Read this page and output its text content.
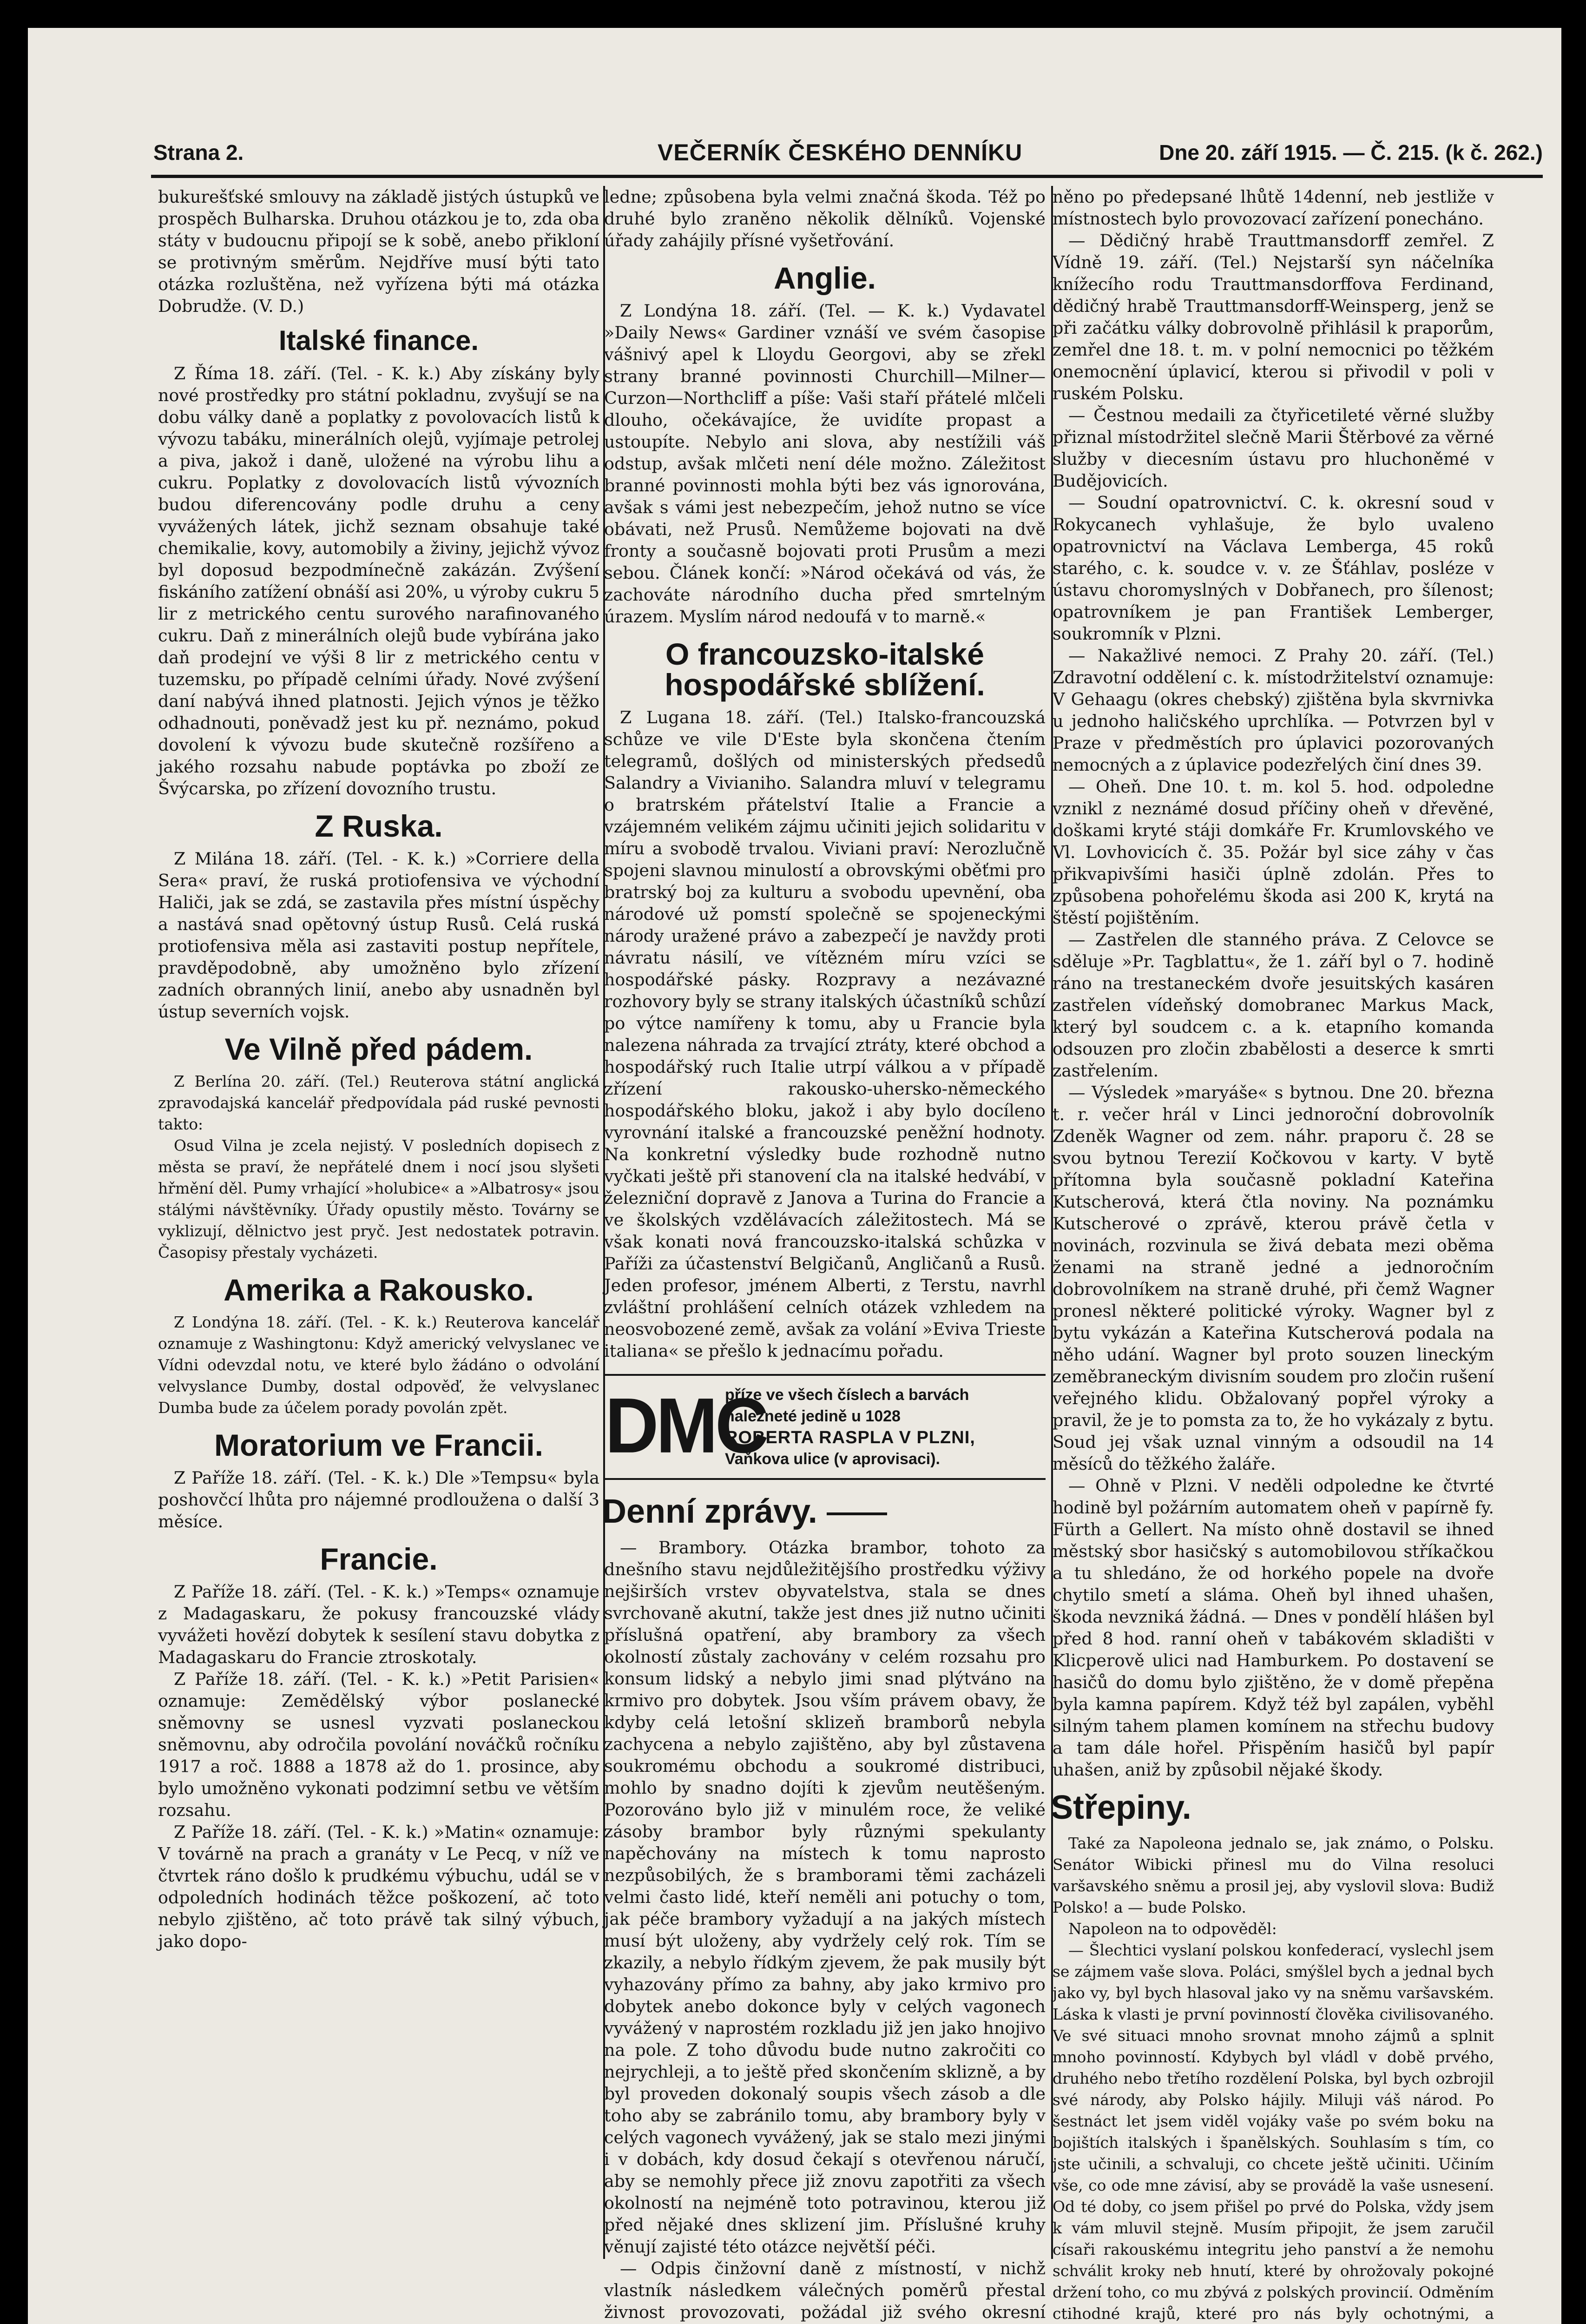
Strana 2.	VEČERNÍK ČESKÉHO DENNÍKU	Dne 20. září 1915. — Č. 215. (k č. 262.)

bukurešťské smlouvy na základě jistých ústupků ve prospěch Bulharska. Druhou otázkou je to, zda oba státy v budoucnu připojí se k sobě, anebo přikloní se protivným směrům. Nejdříve musí býti tato otázka rozluštěna, než vyřízena býti má otázka Dobrudže. (V. D.)

Italské finance.

Z Říma 18. září. (Tel. - K. k.) Aby získány byly nové prostředky pro státní pokladnu, zvyšují se na dobu války daně a poplatky z povolovacích listů k vývozu tabáku, minerálních olejů, vyjímaje petrolej a piva, jakož i daně, uložené na výrobu lihu a cukru. Poplatky z dovolovacích listů vývozních budou diferencovány podle druhu a ceny vyvážených látek, jichž seznam obsahuje také chemikalie, kovy, automobily a živiny, jejichž vývoz byl doposud bezpodmínečně zakázán. Zvýšení fiskáního zatížení obnáší asi 20%, u výroby cukru 5 lir z metrického centu surového narafinovaného cukru. Daň z minerálních olejů bude vybírána jako daň prodejní ve výši 8 lir z metrického centu v tuzemsku, po případě celními úřady. Nové zvýšení daní nabývá ihned platnosti. Jejich výnos je těžko odhadnouti, poněvadž jest ku př. neznámo, pokud dovolení k vývozu bude skutečně rozšířeno a jakého rozsahu nabude poptávka po zboží ze Švýcarska, po zřízení dovozního trustu.

Z Ruska.

Z Milána 18. září. (Tel. - K. k.) »Corriere della Sera« praví, že ruská protiofensiva ve východní Haliči, jak se zdá, se zastavila přes místní úspěchy a nastává snad opětovný ústup Rusů. Celá ruská protiofensiva měla asi zastaviti postup nepřítele, pravděpodobně, aby umožněno bylo zřízení zadních obranných linií, anebo aby usnadněn byl ústup severních vojsk.

Ve Vilně před pádem.

Z Berlína 20. září. (Tel.) Reuterova státní anglická zpravodajská kancelář předpovídala pád ruské pevnosti takto:

Osud Vilna je zcela nejistý. V posledních dopisech z města se praví, že nepřátelé dnem i nocí jsou slyšeti hřmění děl. Pumy vrhající »holubice« a »Albatrosy« jsou stálými návštěvníky. Úřady opustily město. Továrny se vyklizují, dělnictvo jest pryč. Jest nedostatek potravin. Časopisy přestaly vycházeti.

Amerika a Rakousko.

Z Londýna 18. září. (Tel. - K. k.) Reuterova kancelář oznamuje z Washingtonu: Když americký velvyslanec ve Vídni odevzdal notu, ve které bylo žádáno o odvolání velvyslance Dumby, dostal odpověď, že velvyslanec Dumba bude za účelem porady povolán zpět.

Moratorium ve Francii.

Z Paříže 18. září. (Tel. - K. k.) Dle »Tempsu« byla poshovčcí lhůta pro nájemné prodloužena o další 3 měsíce.

Francie.

Z Paříže 18. září. (Tel. - K. k.) »Temps« oznamuje z Madagaskaru, že pokusy francouzské vlády vyvážeti hovězí dobytek k sesílení stavu dobytka z Madagaskaru do Francie ztroskotaly.

Z Paříže 18. září. (Tel. - K. k.) »Petit Parisien« oznamuje: Zemědělský výbor poslanecké sněmovny se usnesl vyzvati poslaneckou sněmovnu, aby odročila povolání nováčků ročníku 1917 a roč. 1888 a 1878 až do 1. prosince, aby bylo umožněno vykonati podzimní setbu ve větším rozsahu.

Z Paříže 18. září. (Tel. - K. k.) »Matin« oznamuje: V továrně na prach a granáty v Le Pecq, v níž ve čtvrtek ráno došlo k prudkému výbuchu, udál se v odpoledních hodinách těžce poškození, ač toto nebylo zjištěno, ač toto právě tak silný výbuch, jako dopo-

ledne; způsobena byla velmi značná škoda. Též po druhé bylo zraněno několik dělníků. Vojenské úřady zahájily přísné vyšetřování.

Anglie.

Z Londýna 18. září. (Tel. — K. k.) Vydavatel »Daily News« Gardiner vznáší ve svém časopise vášnivý apel k Lloydu Georgovi, aby se zřekl strany branné povinnosti Churchill—Milner—Curzon—Northcliff a píše: Vaši staří přátelé mlčeli dlouho, očekávajíce, že uvidíte propast a ustoupíte. Nebylo ani slova, aby nestížili váš odstup, avšak mlčeti není déle možno. Záležitost branné povinnosti mohla býti bez vás ignorována, avšak s vámi jest nebezpečím, jehož nutno se více obávati, než Prusů. Nemůžeme bojovati na dvě fronty a současně bojovati proti Prusům a mezi sebou. Článek končí: »Národ očekává od vás, že zachováte národního ducha před smrtelným úrazem. Myslím národ nedoufá v to marně.«

O francouzsko-italské hospodářské sblížení.

Z Lugana 18. září. (Tel.) Italsko-francouzská schůze ve vile D'Este byla skončena čtením telegramů, došlých od ministerských předsedů Salandry a Vivianiho. Salandra mluví v telegramu o bratrském přátelství Italie a Francie a vzájemném velikém zájmu učiniti jejich solidaritu v míru a svobodě trvalou. Viviani praví: Nerozlučně spojeni slavnou minulostí a obrovskými oběťmi pro bratrský boj za kulturu a svobodu upevnění, oba národové už pomstí společně se spojeneckými národy uražené právo a zabezpečí je navždy proti návratu násilí, ve vítězném míru vzíci se hospodářské pásky. Rozpravy a nezávazné rozhovory byly se strany italských účastníků schůzí po výtce namířeny k tomu, aby u Francie byla nalezena náhrada za trvající ztráty, které obchod a hospodářský ruch Italie utrpí válkou a v případě zřízení rakousko-uhersko-německého hospodářského bloku, jakož i aby bylo docíleno vyrovnání italské a francouzské peněžní hodnoty. Na konkretní výsledky bude rozhodně nutno vyčkati ještě při stanovení cla na italské hedvábí, v železniční dopravě z Janova a Turina do Francie a ve školských vzdělávacích záležitostech. Má se však konati nová francouzsko-italská schůzka v Paříži za účastenství Belgičanů, Angličanů a Rusů. Jeden profesor, jménem Alberti, z Terstu, navrhl zvláštní prohlášení celních otázek vzhledem na neosvobozené země, avšak za volání »Eviva Trieste italiana« se přešlo k jednacímu pořadu.

DMC
příze ve všech číslech a barvách
nalezneté jedině u 1028
ROBERTA RASPLA V PLZNI,
Vaňkova ulice (v aprovisaci).
Denní zprávy.

— Brambory. Otázka brambor, tohoto za dnešního stavu nejdůležitějšího prostředku výživy nejširších vrstev obyvatelstva, stala se dnes svrchovaně akutní, takže jest dnes již nutno učiniti příslušná opatření, aby brambory za všech okolností zůstaly zachovány v celém rozsahu pro konsum lidský a nebylo jimi snad plýtváno na krmivo pro dobytek. Jsou vším právem obavy, že kdyby celá letošní sklizeň bramborů nebyla zachycena a nebylo zajištěno, aby byl zůstavena soukromému obchodu a soukromé distribuci, mohlo by snadno dojíti k zjevům neutěšeným. Pozorováno bylo již v minulém roce, že veliké zásoby brambor byly různými spekulanty napěchovány na místech k tomu naprosto nezpůsobilých, že s bramborami těmi zacházeli velmi často lidé, kteří neměli ani potuchy o tom, jak péče brambory vyžadují a na jakých místech musí být uloženy, aby vydržely celý rok. Tím se zkazily, a nebylo řídkým zjevem, že pak musily být vyhazovány přímo za bahny, aby jako krmivo pro dobytek anebo dokonce byly v celých vagonech vyvážený v naprostém rozkladu již jen jako hnojivo na pole. Z toho důvodu bude nutno zakročiti co nejrychleji, a to ještě před skončením sklizně, a by byl proveden dokonalý soupis všech zásob a dle toho aby se zabránilo tomu, aby brambory byly v celých vagonech vyvážený, jak se stalo mezi jinými i v dobách, kdy dosud čekají s otevřenou náručí, aby se nemohly přece již znovu zapotřiti za všech okolností na nejméně toto potravinou, kterou již před nějaké dnes sklizení jim. Příslušné kruhy věnují zajisté této otázce největší péči.

— Odpis činžovní daně z místností, v nichž vlastník následkem válečných poměrů přestal živnost provozovati, požádal již svého okresní

něno po předepsané lhůtě 14denní, neb jestliže v místnostech bylo provozovací zařízení ponecháno.

— Dědičný hrabě Trauttmansdorff zemřel. Z Vídně 19. září. (Tel.) Nejstarší syn náčelníka knížecího rodu Trauttmansdorffova Ferdinand, dědičný hrabě Trauttmansdorff-Weinsperg, jenž se při začátku války dobrovolně přihlásil k praporům, zemřel dne 18. t. m. v polní nemocnici po těžkém onemocnění úplavicí, kterou si přivodil v poli v ruském Polsku.

— Čestnou medaili za čtyřicetileté věrné služby přiznal místodržitel slečně Marii Štěrbové za věrné služby v diecesním ústavu pro hluchoněmé v Budějovicích.

— Soudní opatrovnictví. C. k. okresní soud v Rokycanech vyhlašuje, že bylo uvaleno opatrovnictví na Václava Lemberga, 45 roků starého, c. k. soudce v. v. ze Šťáhlav, posléze v ústavu choromyslných v Dobřanech, pro šílenost; opatrovníkem je pan František Lemberger, soukromník v Plzni.

— Nakažlivé nemoci. Z Prahy 20. září. (Tel.) Zdravotní oddělení c. k. místodržitelství oznamuje: V Gehaagu (okres chebský) zjištěna byla skvrnivka u jednoho haličského uprchlíka. — Potvrzen byl v Praze v předměstích pro úplavici pozorovaných nemocných a z úplavice podezřelých činí dnes 39.

— Oheň. Dne 10. t. m. kol 5. hod. odpoledne vznikl z neznámé dosud příčiny oheň v dřevěné, doškami kryté stáji domkáře Fr. Krumlovského ve Vl. Lovhovicích č. 35. Požár byl sice záhy v čas přikvapivšími hasiči úplně zdolán. Přes to způsobena pohořelému škoda asi 200 K, krytá na štěstí pojištěním.

— Zastřelen dle stanného práva. Z Celovce se sděluje »Pr. Tagblattu«, že 1. září byl o 7. hodině ráno na trestaneckém dvoře jesuitských kasáren zastřelen vídeňský domobranec Markus Mack, který byl soudcem c. a k. etapního komanda odsouzen pro zločin zbabělosti a deserce k smrti zastřelením.

— Výsledek »maryáše« s bytnou. Dne 20. března t. r. večer hrál v Linci jednoroční dobrovolník Zdeněk Wagner od zem. náhr. praporu č. 28 se svou bytnou Terezií Kočkovou v karty. V bytě přítomna byla současně pokladní Kateřina Kutscherová, která čtla noviny. Na poznámku Kutscherové o zprávě, kterou právě četla v novinách, rozvinula se živá debata mezi oběma ženami na straně jedné a jednoročním dobrovolníkem na straně druhé, při čemž Wagner pronesl některé politické výroky. Wagner byl z bytu vykázán a Kateřina Kutscherová podala na něho udání. Wagner byl proto souzen lineckým zeměbraneckým divisním soudem pro zločin rušení veřejného klidu. Obžalovaný popřel výroky a pravil, že je to pomsta za to, že ho vykázaly z bytu. Soud jej však uznal vinným a odsoudil na 14 měsíců do těžkého žaláře.

— Ohně v Plzni. V neděli odpoledne ke čtvrté hodině byl požárním automatem oheň v papírně fy. Fürth a Gellert. Na místo ohně dostavil se ihned městský sbor hasičský s automobilovou stříkačkou a tu shledáno, že od horkého popele na dvoře chytilo smetí a sláma. Oheň byl ihned uhašen, škoda nevzniká žádná. — Dnes v pondělí hlášen byl před 8 hod. ranní oheň v tabákovém skladišti v Klicperově ulici nad Hamburkem. Po dostavení se hasičů do domu bylo zjištěno, že v domě přepěna byla kamna papírem. Když též byl zapálen, vyběhl silným tahem plamen komínem na střechu budovy a tam dále hořel. Přispěním hasičů byl papír uhašen, aniž by způsobil nějaké škody.

Střepiny.

Také za Napoleona jednalo se, jak známo, o Polsku. Senátor Wibicki přinesl mu do Vilna resoluci varšavského sněmu a prosil jej, aby vyslovil slova: Budiž Polsko! a — bude Polsko.

Napoleon na to odpověděl:

— Šlechtici vyslaní polskou konfederací, vyslechl jsem se zájmem vaše slova. Poláci, smýšlel bych a jednal bych jako vy, byl bych hlasoval jako vy na sněmu varšavském. Láska k vlasti je první povinností člověka civilisovaného. Ve své situaci mnoho srovnat mnoho zájmů a splnit mnoho povinností. Kdybych byl vládl v době prvého, druhého nebo třetího rozdělení Polska, byl bych ozbrojil své národy, aby Polsko hájily. Miluji váš národ. Po šestnáct let jsem viděl vojáky vaše po svém boku na bojištích italských i španělských. Souhlasím s tím, co jste učinili, a schvaluji, co chcete ještě učiniti. Učiním vše, co ode mne závisí, aby se provádě la vaše usnesení. Od té doby, co jsem přišel po prvé do Polska, vždy jsem k vám mluvil stejně. Musím připojit, že jsem zaručil císaři rakouskému integritu jeho panství a že nemohu schválit kroky neb hnutí, které by ohrožovaly pokojné držení toho, co mu zbývá z polských provincií. Odměním ctihodné krajů, které pro nás byly ochotnými, a
